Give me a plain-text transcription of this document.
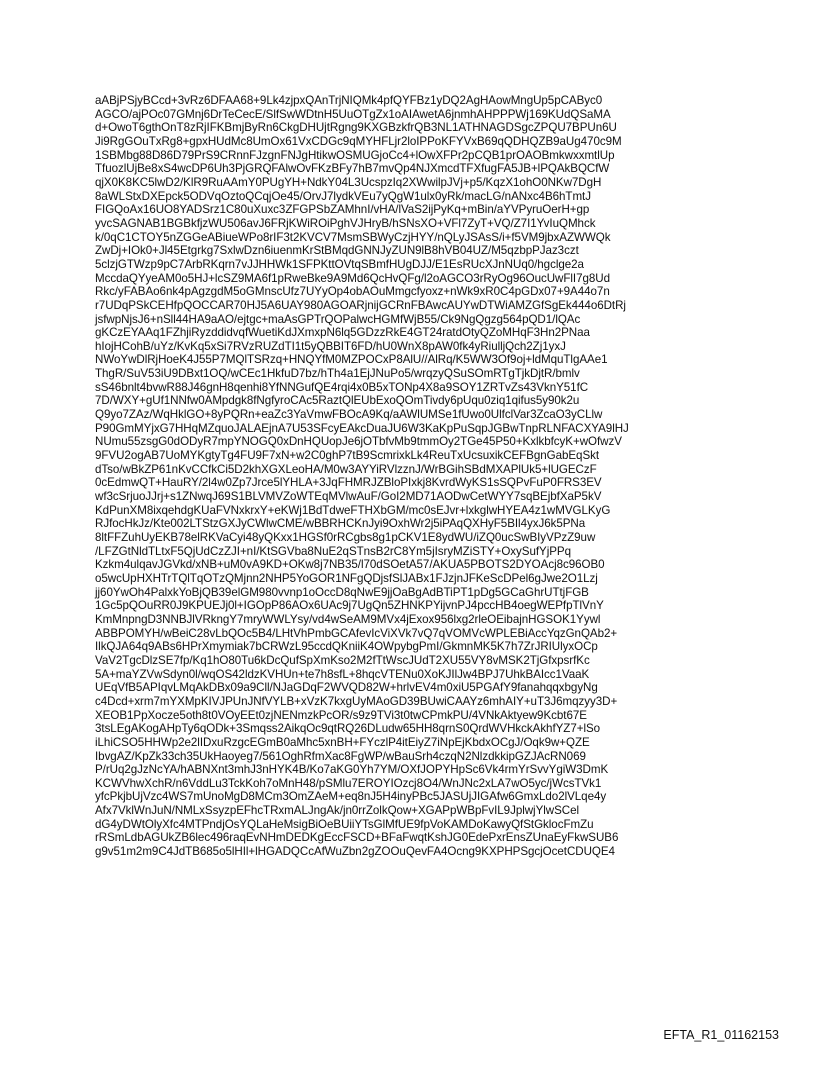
aABjPSjyBCcd+3vRz6DFAA68+9Lk4zjpxQAnTrjNIQMk4pfQYFBz1yDQ2AgHAowMngUp5pCAByc0
AGCO/ajPOc07GMnj6DrTeCecE/SlfSwWDtnH5UuOTgZx1oAIAwetA6jnmhAHPPPWj169KUdQSaMA
d+OwoT6gthOnT8zRjIFKBmjByRn6CkgDHUjtRgng9KXGBzkfrQB3NL1ATHNAGDSgcZPQU7BPUn6U
Ji9RgGOuTxRg8+gpxHUdMc8UmOx61VxCDGc9qMYHFLjr2loIPPoKFYVxB69qQDHQZB9aUg470c9M
1SBMbg88D86D79PrS9CRnnFJzgnFNJgHtikwOSMUGjoCc4+lOwXFPr2pCQB1prOAOBmkwxxmtlUp
TfuozlUjBe8xS4wcDP6Uh3PjGRQFAlwOvFKzBFy7hB7mvQp4NJXmcdTFXfugFA5JB+lPQAkBQCfW
qjX0K8KC5lwD2/KlR9RuAAmY0PUgYH+NdkY04L3UcspzIq2XWwilpJVj+p5/KqzX1ohO0NKw7DgH
8aWLStxDXEpck5ODVqOztoQCqjOe45/OrvJ7lydkVEu7yQgW1ulx0yRk/macLG/nANxc4B6hTmtJ
FIGQoAx16UO8YADSrz1C80uXuxc3ZFGPSbZAMhnI/vHA/lVaS2ijPyKq+mBin/aYVPyruOerH+gp
yvcSAGNAB1BGBkfjzWU506avJ6FRjKWiROiPghVJHryB/hSNsXO+VFl7ZyT+VQ/Z7I1YvIuQMhck
k/0qC1CTOY5nZGGeABiueWPo8rIF3t2KVCV7MsmSBWyCzjHYY/nQLyJSAsS/i+f5VM9jbxAZWWQk
ZwDj+IOk0+Jl45Etgrkg7SxlwDzn6iuenmKrStBMqdGNNJyZUN9lB8hVB04UZ/M5qzbpPJaz3czt
5clzjGTWzp9pC7ArbRKqrn7vJJHHWk1SFPKttOVtqSBmfHUgDJJ/E1EsRUcXJnNUq0/hgclge2a
MccdaQYyeAM0o5HJ+lcSZ9MA6f1pRweBke9A9Md6QcHvQFg/l2oAGCO3rRyOg96OucUwFlI7g8Ud
Rkc/yFABAo6nk4pAgzgdM5oGMnscUfz7UYyOp4obAOuMmgcfyoxz+nWk9xR0C4pGDx07+9A44o7n
r7UDqPSkCEHfpQOCCAR70HJ5A6UAY980AGOARjnijGCRnFBAwcAUYwDTWiAMZGfSgEk444o6DtRj
jsfwpNjsJ6+nSll44HA9aAO/ejtgc+maAsGPTrQOPalwcHGMfWjB55/Ck9NgQgzg564pQD1/lQAc
gKCzEYAAq1FZhjiRyzddidvqfWuetiKdJXmxpN6lq5GDzzRkE4GT24ratdOtyQZoMHqF3Hn2PNaa
hIojHCohB/uYz/KvKq5xSi7RVzRUZdTI1t5yQBBIT6FD/hU0WnX8pAW0fk4yRiulljQch2Zj1yxJ
NWoYwDlRjHoeK4J55P7MQlTSRzq+HNQYfM0MZPOCxP8AlU//AlRq/K5WW3Of9oj+ldMquTlgAAe1
ThgR/SuV53iU9DBxt1OQ/wCEc1HkfuD7bz/hTh4a1EjJNuPo5/wrqzyQSuSOmRTgTjkDjtR/bmlv
sS46bnlt4bvwR88J46gnH8qenhi8YfNNGufQE4rqi4x0B5xTONp4X8a9SOY1ZRTvZs43VknY51fC
7D/WXY+gUf1NNfw0AMpdgk8fNgfyroCAc5RaztQlEUbExoQOmTivdy6pUqu0ziq1qifus5y90k2u
Q9yo7ZAz/WqHklGO+8yPQRn+eaZc3YaVmwFBOcA9Kq/aAWlUMSe1fUwo0UlfclVar3ZcaO3yCLlw
P90GmMYjxG7HHqMZquoJALAEjnA7U53SFcyEAkcDuaJU6W3KaKpPuSqpJGBwTnpRLNFACXYA9lHJ
NUmu55zsgG0dODyR7mpYNOGQ0xDnHQUopJe6jOTbfvMb9tmmOy2TGe45P50+KxlkbfcyK+wOfwzV
9FVU2ogAB7UoMYKgtyTg4FU9F7xN+w2C0ghP7tB9ScmrixkLk4ReuTxUcsuxikCEFBgnGabEqSkt
dTso/wBkZP61nKvCCfkCi5D2khXGXLeoHA/M0w3AYYiRVlzznJ/WrBGihSBdMXAPlUk5+lUGECzF
0cEdmwQT+HauRY/2l4w0Zp7Jrce5lYHLA+3JqFHMRJZBloPIxkj8KvrdWyKS1sSQPvFuP0FRS3EV
wf3cSrjuoJJrj+s1ZNwqJ69S1BLVMVZoWTEqMVlwAuF/GoI2MD71AODwCetWYY7sqBEjbfXaP5kV
KdPunXM8ixqehdgKUaFVNxkrxY+eKWj1BdTdweFTHXbGM/mc0sEJvr+lxkglwHYEA4z1wMVGLKyG
RJfocHkJz/Kte002LTStzGXJyCWlwCME/wBBRHCKnJyi9OxhWr2j5iPAqQXHyF5BIl4yxJ6k5PNa
8ltFFZuhUyEKB78elRKVaCyi48yQKxx1HGSf0rRCgbs8g1pCKV1E8ydWU/iZQ0ucSwBIyVPzZ9uw
/LFZGtNldTLtxF5QjUdCzZJI+nI/KtSGVba8NuE2qSTnsB2rC8Ym5jIsryMZiSTY+OxySufYjPPq
Kzkm4ulqavJGVkd/xNB+uM0vA9KD+OKw8j7NB35/l70dSOetA57/AKUA5PBOTS2DYOAcj8c96OB0
o5wcUpHXHTrTQlTqOTzQMjnn2NHP5YoGOR1NFgQDjsfSlJABx1FJzjnJFKeScDPel6gJwe2O1Lzj
jj60YwOh4PalxkYoBjQB39elGM980vvnp1oOccD8qNwE9jjOaBgAdBTiPT1pDg5GCaGhrUTtjFGB
1Gc5pQOuRR0J9KPUEJj0l+IGOpP86AOx6UAc9j7UgQn5ZHNKPYijvnPJ4pccHB4oegWEPfpTlVnY
KmMnpngD3NNBJlVRkngY7mryWWLYsy/vd4wSeAM9MVx4jExox956lxg2rleOEibajnHGSOK1Yywl
ABBPOMYH/wBeiC28vLbQOc5B4/LHtVhPmbGCAfevIcViXVk7vQ7qVOMVcWPLEBiAccYqzGnQAb2+
IlkQJA64q9ABs6HPrXmymiak7bCRWzL95ccdQKniiK4OWpybgPmI/GkmnMK5K7h7ZrJRIUlyxOCp
VaV2TgcDlzSE7fp/Kq1hO80Tu6kDcQufSpXmKso2M2fTtWscJUdT2XU55VY8vMSK2TjGfxpsrfKc
5A+maYZVwSdyn0l/wqOS42ldzKVHUn+te7h8sfL+8hqcVTENu0XoKJIlJw4BPJ7UhkBAIcc1VaaK
UEqVfB5APIqvLMqAkDBx09a9Cll/NJaGDqF2WVQD82W+hrlvEV4m0xiU5PGAfY9fanahqqxbgyNg
c4Dcd+xrm7mYXMpKIVJPUnJNfVYLB+xVzK7kxgUyMAoGD39BUwiCAAYz6mhAIY+uT3J6mqzyy3D+
XEOB1PpXocze5oth8t0VOyEEt0zjNENmzkPcOR/s9z9TVi3t0twCPmkPU/4VNkAktyew9Kcbt67E
3tsLEgAKogAHpTy6qODk+3Smqss2AikqOc9qtRQ26DLudw65HH8qrnS0QrdWVHkckAkhfYZ7+lSo
iLhiCSO5HHWp2e2lIDxuRzgcEGmB0aMhc5xnBH+FYczlP4itEiyZ7iNpEjKbdxOCgJ/Oqk9w+QZE
IbvgAZ/KpZk33ch35UkHaoyeg7/561OghRfmXac8FgWP/wBauSrh4czqN2NlzdkkipGZJAcRN069
P/rUq2gJzNcYA/hABNXnt3mhJ3nHYK4B/Ko7aKG0Yh7YM/OXfJOPYHpSc6Vk4rmYrSvvYgiW3DmK
KCWVhwXchR/n6VddLu3TckKoh7oMnH48/pSMlu7EROYIOzcj8O4/WnJNc2xLA7wO5yc/jWcsTVk1
yfcPkjbUjVzc4WS7mUnoMgD8MCm3OmZAeM+eq8nJ5H4inyPBc5JASUjJIGAfw6GmxLdo2lVLqe4y
Afx7VklWnJuN/NMLxSsyzpEFhcTRxmALJngAk/jn0rrZolkQow+XGAPpWBpFvIL9JplwjYlwSCel
dG4yDWtOlyXfc4MTPndjOsYQLaHeMsigBiOeBUiiYTsGlMfUE9fpVoKAMDoKawyQfStGklocFmZu
rRSmLdbAGUkZB6lec496raqEvNHmDEDKgEccFSCD+BFaFwqtKshJG0EdePxrEnsZUnaEyFkwSUB6
g9v51m2m9C4JdTB685o5lHIl+lHGADQCcAfWuZbn2gZOOuQevFA4Ocng9KXPHPSgcjOcetCDUQE4
EFTA_R1_01162153
